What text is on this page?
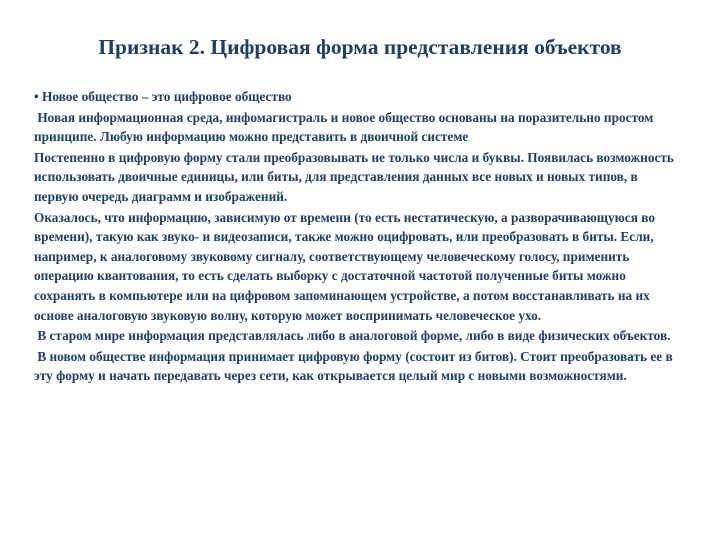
Признак 2. Цифровая форма представления объектов

• Новое общество – это цифровое общество

Новая информационная среда, инфомагистраль и новое общество основаны на поразительно простом принципе. Любую информацию можно представить в двоичной системе

Постепенно в цифровую форму стали преобразовывать не только числа и буквы. Появилась возможность использовать двоичные единицы, или биты, для представления данных все новых и новых типов, в первую очередь диаграмм и изображений.

Оказалось, что информацию, зависимую от времени (то есть нестатическую, а разворачивающуюся во времени), такую как звуко- и видеозаписи, также можно оцифровать, или преобразовать в биты. Если, например, к аналоговому звуковому сигналу, соответствующему человеческому голосу, применить операцию квантования, то есть сделать выборку с достаточной частотой полученные биты можно сохранять в компьютере или на цифровом запоминающем устройстве, а потом восстанавливать на их основе аналоговую звуковую волну, которую может воспринимать человеческое ухо.

В старом мире информация представлялась либо в аналоговой форме, либо в виде физических объектов.

В новом обществе информация принимает цифровую форму (состоит из битов). Стоит преобразовать ее в эту форму и начать передавать через сети, как открывается целый мир с новыми возможностями.
